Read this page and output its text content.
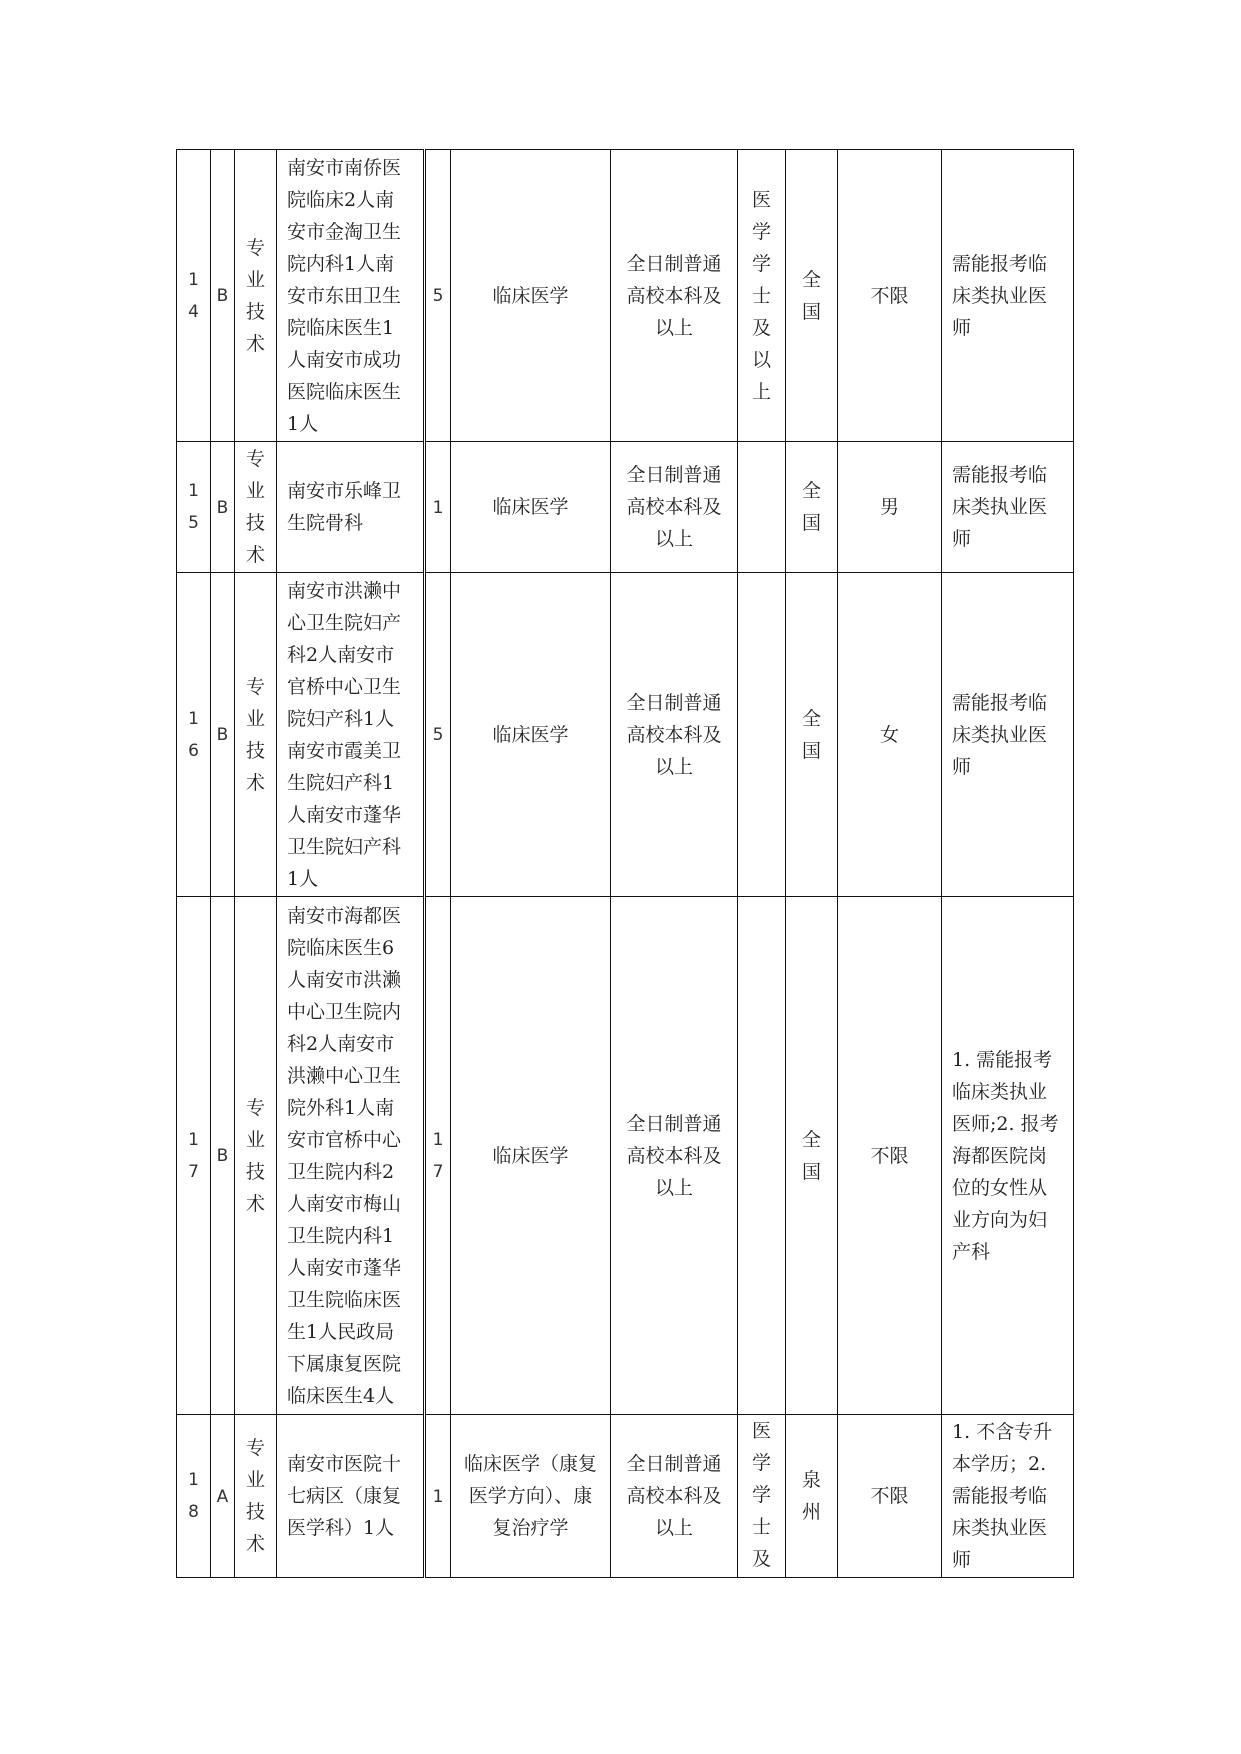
14	B	专业技术	南安市南侨医院临床2人南安市金淘卫生院内科1人南安市东田卫生院临床医生1人南安市成功医院临床医生1人	5	临床医学	全日制普通高校本科及以上	医学学士及以上	全国	不限	需能报考临床类执业医师

15	B	专业技术	南安市乐峰卫生院骨科	1	临床医学	全日制普通高校本科及以上		全国	男	需能报考临床类执业医师

16	B	专业技术	南安市洪濑中心卫生院妇产科2人南安市官桥中心卫生院妇产科1人南安市霞美卫生院妇产科1人南安市蓬华卫生院妇产科1人	5	临床医学	全日制普通高校本科及以上		全国	女	需能报考临床类执业医师

17	B	专业技术	南安市海都医院临床医生6人南安市洪濑中心卫生院内科2人南安市洪濑中心卫生院外科1人南安市官桥中心卫生院内科2人南安市梅山卫生院内科1人南安市蓬华卫生院临床医生1人民政局下属康复医院临床医生4人	17	临床医学	全日制普通高校本科及以上		全国	不限	1. 需能报考临床类执业医师;2. 报考海都医院岗位的女性从业方向为妇产科

18	A	专业技术	南安市医院十七病区（康复医学科）1人	1	临床医学（康复医学方向）、康复治疗学	全日制普通高校本科及以上	医学学士及	泉州	不限	1. 不含专升本学历；2. 需能报考临床类执业医师
